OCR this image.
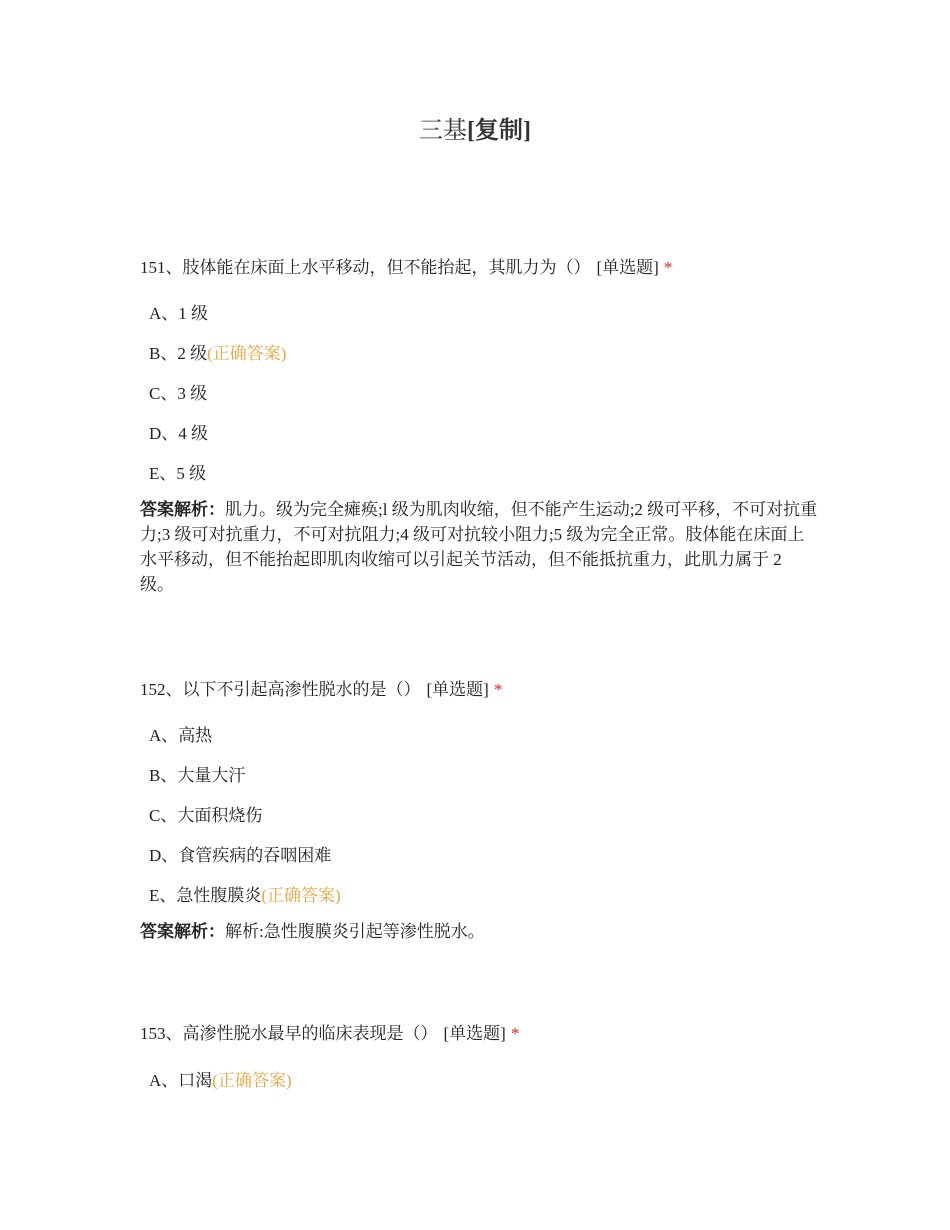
三基[复制]
151、肢体能在床面上水平移动，但不能抬起，其肌力为（） [单选题] *
A、1 级
B、2 级(正确答案)
C、3 级
D、4 级
E、5 级
答案解析：肌力。级为完全瘫痪;l 级为肌肉收缩，但不能产生运动;2 级可平移，不可对抗重力;3 级可对抗重力，不可对抗阻力;4 级可对抗较小阻力;5 级为完全正常。肢体能在床面上水平移动，但不能抬起即肌肉收缩可以引起关节活动，但不能抵抗重力，此肌力属于 2 级。
152、以下不引起高渗性脱水的是（） [单选题] *
A、高热
B、大量大汗
C、大面积烧伤
D、食管疾病的吞咽困难
E、急性腹膜炎(正确答案)
答案解析：解析:急性腹膜炎引起等渗性脱水。
153、高渗性脱水最早的临床表现是（） [单选题] *
A、口渴(正确答案)
